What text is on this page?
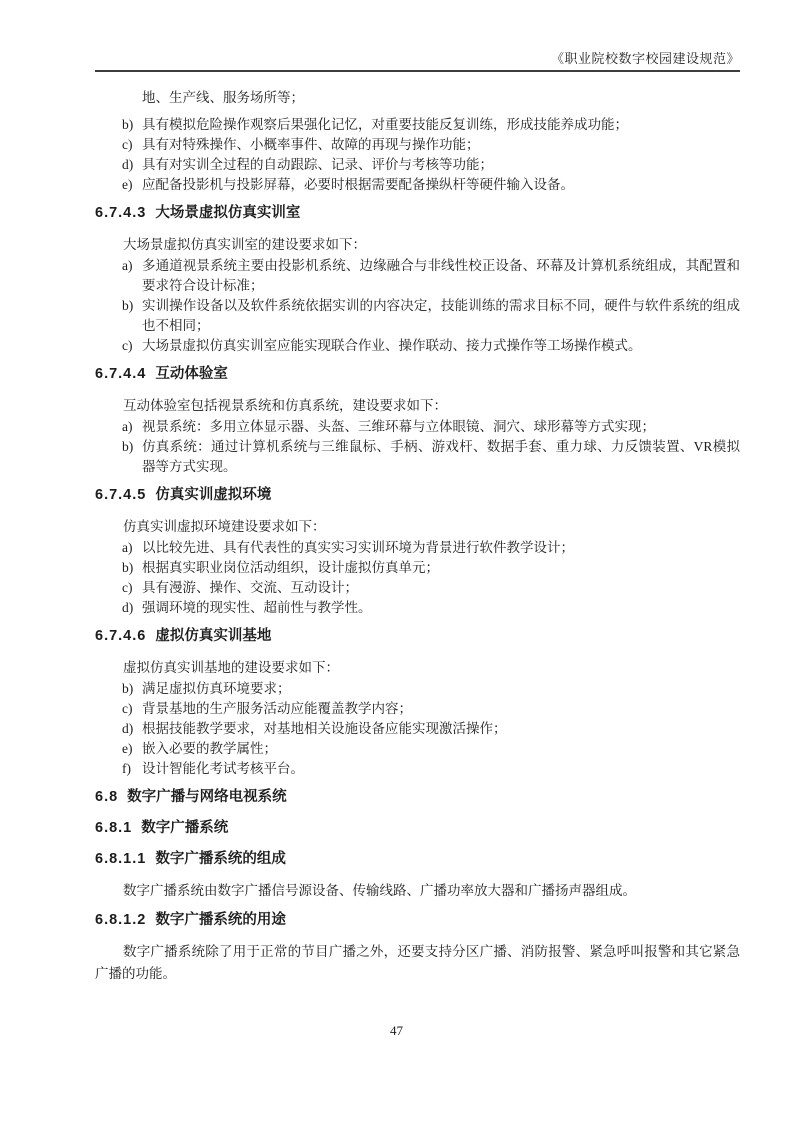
《职业院校数字校园建设规范》

地、生产线、服务场所等；

b) 具有模拟危险操作观察后果强化记忆，对重要技能反复训练，形成技能养成功能；
c) 具有对特殊操作、小概率事件、故障的再现与操作功能；
d) 具有对实训全过程的自动跟踪、记录、评价与考核等功能；
e) 应配备投影机与投影屏幕，必要时根据需要配备操纵杆等硬件输入设备。
6.7.4.3 大场景虚拟仿真实训室

大场景虚拟仿真实训室的建设要求如下：

a) 多通道视景系统主要由投影机系统、边缘融合与非线性校正设备、环幕及计算机系统组成，其配置和要求符合设计标准；
b) 实训操作设备以及软件系统依据实训的内容决定，技能训练的需求目标不同，硬件与软件系统的组成也不相同；
c) 大场景虚拟仿真实训室应能实现联合作业、操作联动、接力式操作等工场操作模式。
6.7.4.4 互动体验室

互动体验室包括视景系统和仿真系统，建设要求如下：

a) 视景系统：多用立体显示器、头盔、三维环幕与立体眼镜、洞穴、球形幕等方式实现；
b) 仿真系统：通过计算机系统与三维鼠标、手柄、游戏杆、数据手套、重力球、力反馈装置、VR模拟器等方式实现。
6.7.4.5 仿真实训虚拟环境

仿真实训虚拟环境建设要求如下：

a) 以比较先进、具有代表性的真实实习实训环境为背景进行软件教学设计；
b) 根据真实职业岗位活动组织，设计虚拟仿真单元；
c) 具有漫游、操作、交流、互动设计；
d) 强调环境的现实性、超前性与教学性。
6.7.4.6 虚拟仿真实训基地

虚拟仿真实训基地的建设要求如下：

b) 满足虚拟仿真环境要求；
c) 背景基地的生产服务活动应能覆盖教学内容；
d) 根据技能教学要求，对基地相关设施设备应能实现激活操作；
e) 嵌入必要的教学属性；
f) 设计智能化考试考核平台。
6.8 数字广播与网络电视系统
6.8.1 数字广播系统
6.8.1.1 数字广播系统的组成

数字广播系统由数字广播信号源设备、传输线路、广播功率放大器和广播扬声器组成。

6.8.1.2 数字广播系统的用途

数字广播系统除了用于正常的节目广播之外，还要支持分区广播、消防报警、紧急呼叫报警和其它紧急广播的功能。

47
